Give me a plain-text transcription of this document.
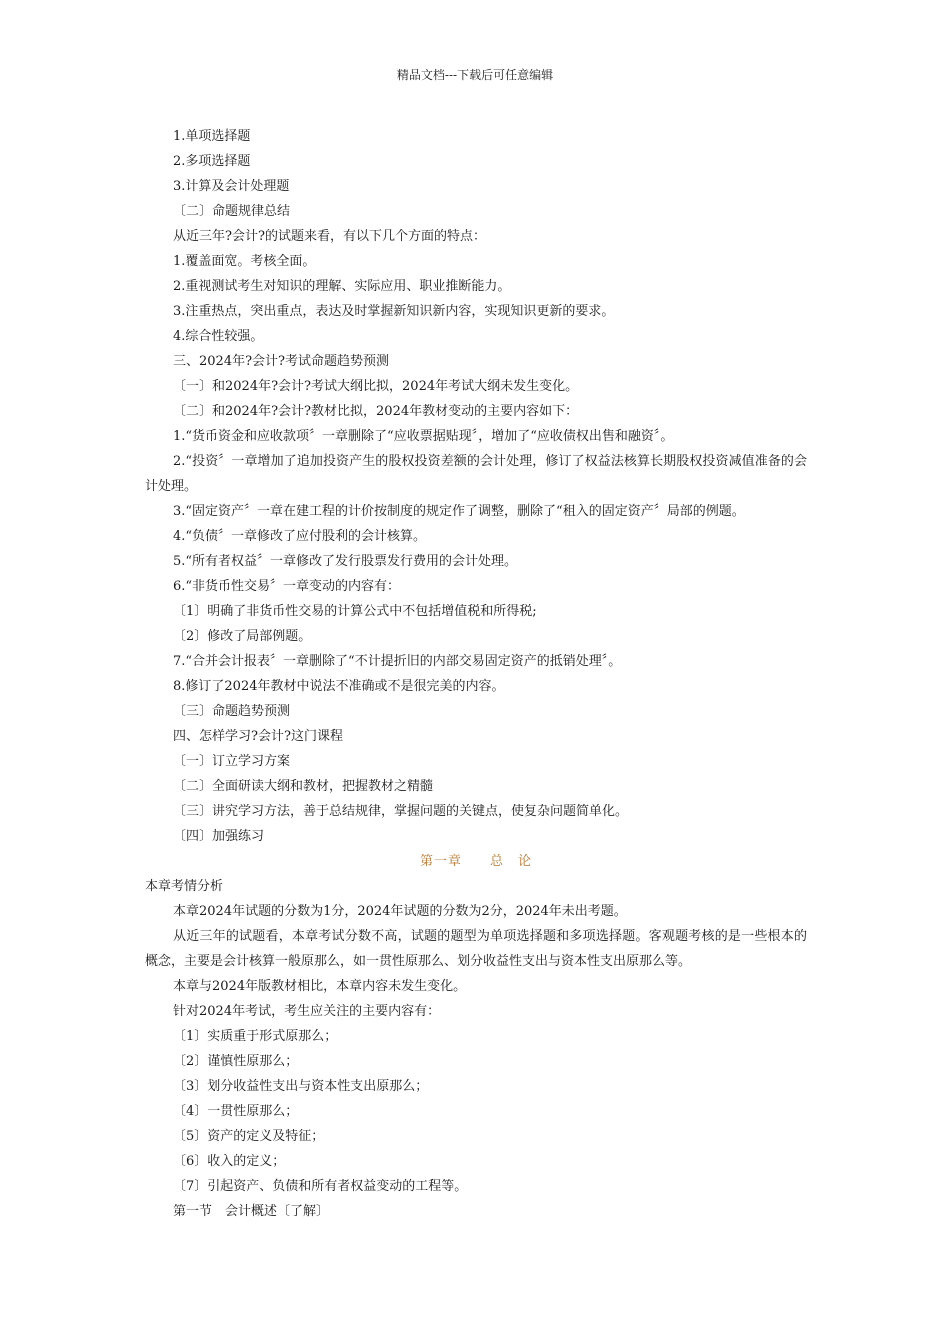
精品文档---下载后可任意编辑
1.单项选择题
2.多项选择题
3.计算及会计处理题
〔二〕命题规律总结
从近三年?会计?的试题来看，有以下几个方面的特点：
1.覆盖面宽。考核全面。
2.重视测试考生对知识的理解、实际应用、职业推断能力。
3.注重热点，突出重点，表达及时掌握新知识新内容，实现知识更新的要求。
4.综合性较强。
三、2024年?会计?考试命题趋势预测
〔一〕和2024年?会计?考试大纲比拟，2024年考试大纲未发生变化。
〔二〕和2024年?会计?教材比拟，2024年教材变动的主要内容如下：
1.“货币资金和应收款项〞一章删除了“应收票据贴现〞，增加了“应收债权出售和融资〞。
2.“投资〞一章增加了追加投资产生的股权投资差额的会计处理，修订了权益法核算长期股权投资减值准备的会计处理。
3.“固定资产〞一章在建工程的计价按制度的规定作了调整，删除了“租入的固定资产〞局部的例题。
4.“负债〞一章修改了应付股利的会计核算。
5.“所有者权益〞一章修改了发行股票发行费用的会计处理。
6.“非货币性交易〞一章变动的内容有：
〔1〕明确了非货币性交易的计算公式中不包括增值税和所得税;
〔2〕修改了局部例题。
7.“合并会计报表〞一章删除了“不计提折旧的内部交易固定资产的抵销处理〞。
8.修订了2024年教材中说法不准确或不是很完美的内容。
〔三〕命题趋势预测
四、怎样学习?会计?这门课程
〔一〕订立学习方案
〔二〕全面研读大纲和教材，把握教材之精髓
〔三〕讲究学习方法，善于总结规律，掌握问题的关键点，使复杂问题简单化。
〔四〕加强练习
第一章 总 论
本章考情分析
本章2024年试题的分数为1分，2024年试题的分数为2分，2024年未出考题。
从近三年的试题看，本章考试分数不高，试题的题型为单项选择题和多项选择题。客观题考核的是一些根本的概念，主要是会计核算一般原那么，如一贯性原那么、划分收益性支出与资本性支出原那么等。
本章与2024年版教材相比，本章内容未发生变化。
针对2024年考试，考生应关注的主要内容有：
〔1〕实质重于形式原那么；
〔2〕谨慎性原那么；
〔3〕划分收益性支出与资本性支出原那么；
〔4〕一贯性原那么；
〔5〕资产的定义及特征；
〔6〕收入的定义；
〔7〕引起资产、负债和所有者权益变动的工程等。
第一节　会计概述〔了解〕
